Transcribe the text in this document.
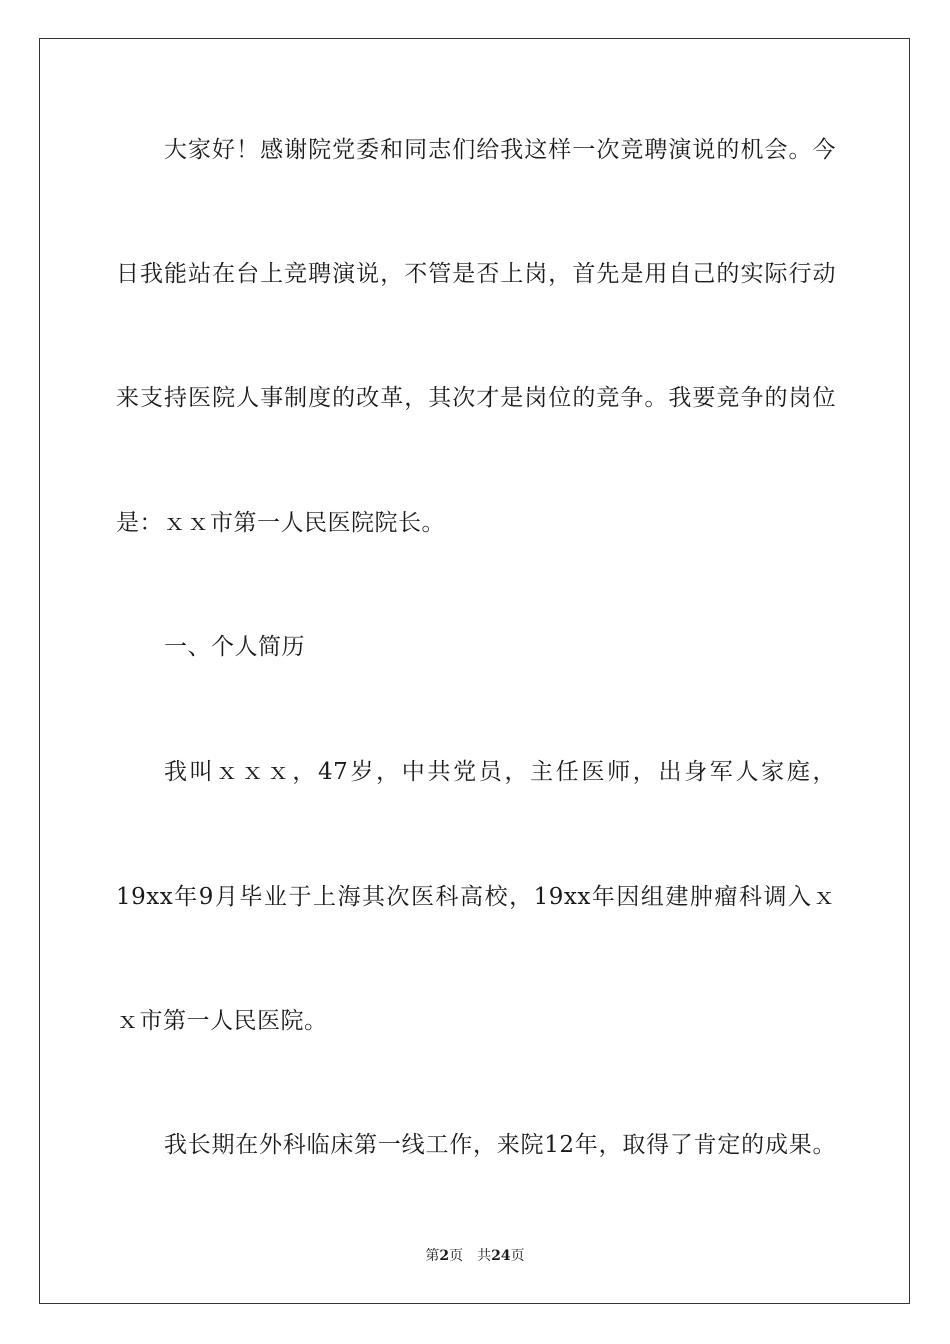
大家好！感谢院党委和同志们给我这样一次竞聘演说的机会。今
日我能站在台上竞聘演说，不管是否上岗，首先是用自己的实际行动
来支持医院人事制度的改革，其次才是岗位的竞争。我要竞争的岗位
是：ｘｘ市第一人民医院院长。
一、个人简历
我叫ｘｘｘ，47岁，中共党员，主任医师，出身军人家庭，
19xx年9月毕业于上海其次医科高校，19xx年因组建肿瘤科调入ｘ
ｘ市第一人民医院。
我长期在外科临床第一线工作，来院12年，取得了肯定的成果。
第2页 共24页
